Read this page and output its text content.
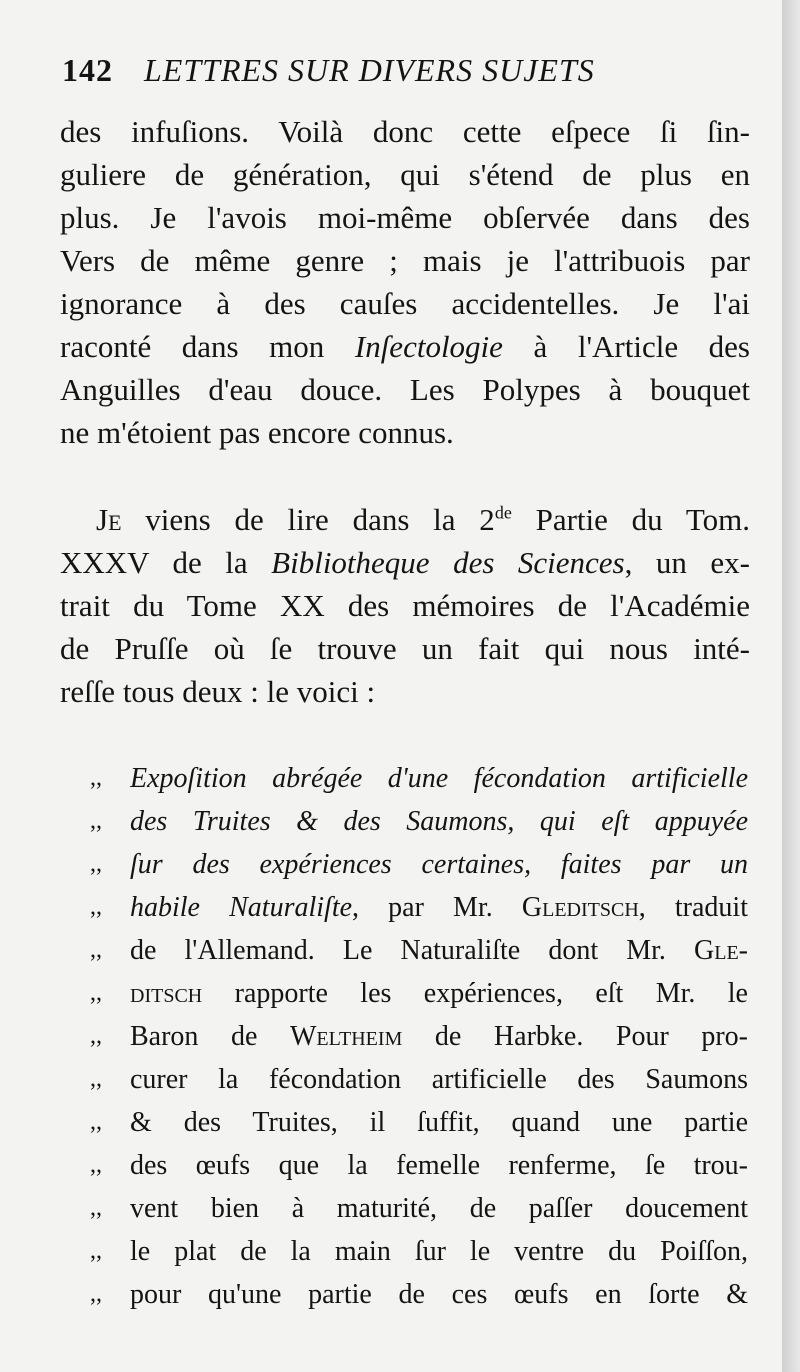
142 LETTRES SUR DIVERS SUJETS
des infuſions. Voilà donc cette eſpece ſi ſin-
guliere de génération, qui s'étend de plus en
plus. Je l'avois moi-même obſervée dans des
Vers de même genre ; mais je l'attribuois par
ignorance à des cauſes accidentelles. Je l'ai
raconté dans mon Inſectologie à l'Article des
Anguilles d'eau douce. Les Polypes à bouquet
ne m'étoient pas encore connus.
Je viens de lire dans la 2de Partie du Tom.
XXXV de la Bibliotheque des Sciences, un ex-
trait du Tome XX des mémoires de l'Académie
de Pruſſe où ſe trouve un fait qui nous inté-
reſſe tous deux : le voici :
,,	Expoſition abrégée d'une fécondation artificielle
,,	des Truites & des Saumons, qui eſt appuyée
,,	ſur des expériences certaines, faites par un
,,	habile Naturaliſte, par Mr. Gleditsch, traduit
,,	de l'Allemand. Le Naturaliſte dont Mr. Gle-
,,	ditsch rapporte les expériences, eſt Mr. le
,,	Baron de Weltheim de Harbke. Pour pro-
,,	curer la fécondation artificielle des Saumons
,,	& des Truites, il ſuffit, quand une partie
,,	des œufs que la femelle renferme, ſe trou-
,,	vent bien à maturité, de paſſer doucement
,,	le plat de la main ſur le ventre du Poiſſon,
,,	pour qu'une partie de ces œufs en ſorte &
